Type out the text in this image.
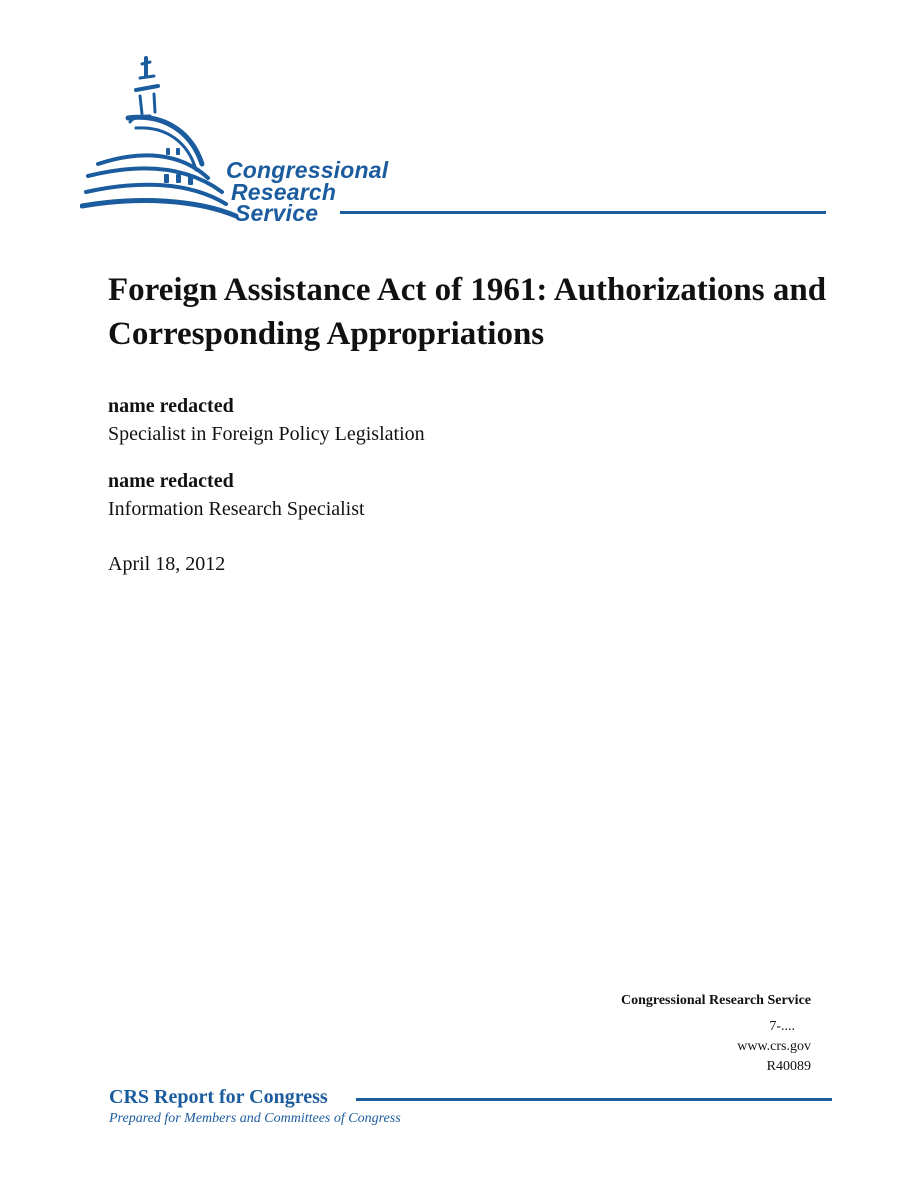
Congressional
Research
Service
Foreign Assistance Act of 1961: Authorizations and Corresponding Appropriations

name redacted

Specialist in Foreign Policy Legislation

name redacted

Information Research Specialist

April 18, 2012

Congressional Research Service
7-....
www.crs.gov
R40089

CRS Report for Congress

Prepared for Members and Committees of Congress
